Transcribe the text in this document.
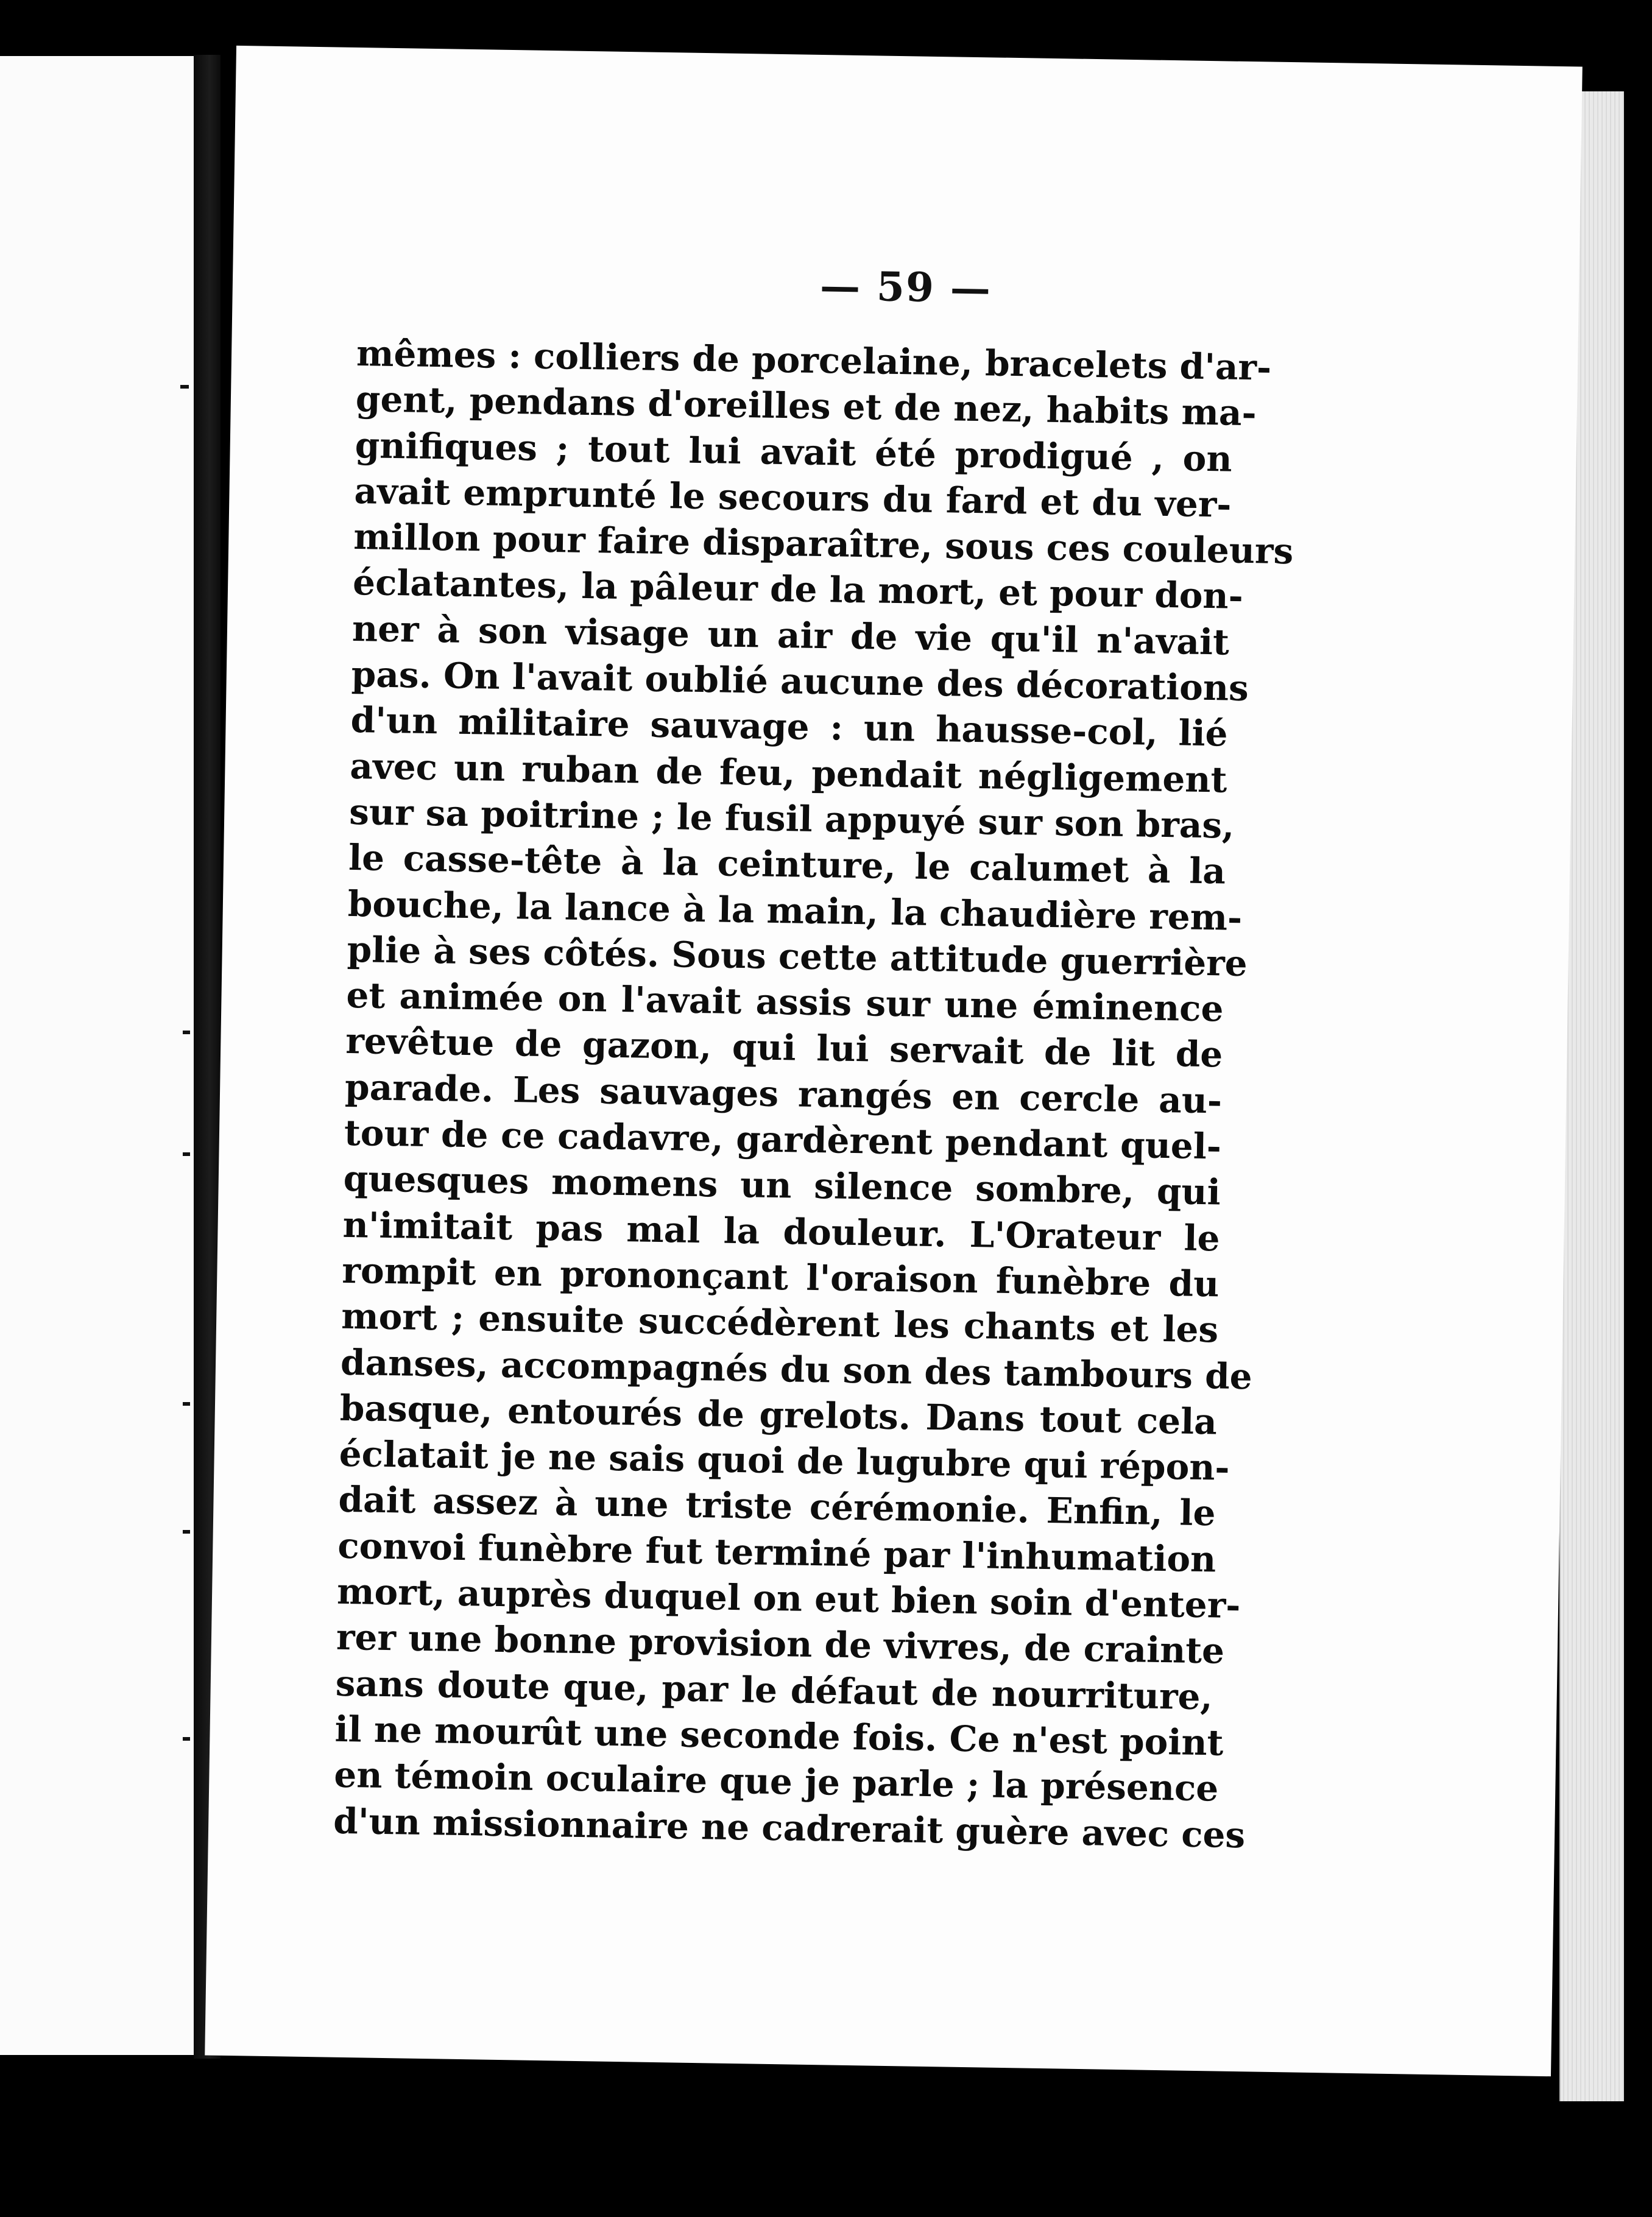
— 59 —
mêmes : colliers de porcelaine, bracelets d'ar-
gent, pendans d'oreilles et de nez, habits ma-
gnifiques ; tout lui avait été prodigué , on
avait emprunté le secours du fard et du ver-
millon pour faire disparaître, sous ces couleurs
éclatantes, la pâleur de la mort, et pour don-
ner à son visage un air de vie qu'il n'avait
pas. On l'avait oublié aucune des décorations
d'un militaire sauvage : un hausse-col, lié
avec un ruban de feu, pendait négligement
sur sa poitrine ; le fusil appuyé sur son bras,
le casse-tête à la ceinture, le calumet à la
bouche, la lance à la main, la chaudière rem-
plie à ses côtés. Sous cette attitude guerrière
et animée on l'avait assis sur une éminence
revêtue de gazon, qui lui servait de lit de
parade. Les sauvages rangés en cercle au-
tour de ce cadavre, gardèrent pendant quel-
quesques momens un silence sombre, qui
n'imitait pas mal la douleur. L'Orateur le
rompit en prononçant l'oraison funèbre du
mort ; ensuite succédèrent les chants et les
danses, accompagnés du son des tambours de
basque, entourés de grelots. Dans tout cela
éclatait je ne sais quoi de lugubre qui répon-
dait assez à une triste cérémonie. Enfin, le
convoi funèbre fut terminé par l'inhumation
mort, auprès duquel on eut bien soin d'enter-
rer une bonne provision de vivres, de crainte
sans doute que, par le défaut de nourriture,
il ne mourût une seconde fois. Ce n'est point
en témoin oculaire que je parle ; la présence
d'un missionnaire ne cadrerait guère avec ces
